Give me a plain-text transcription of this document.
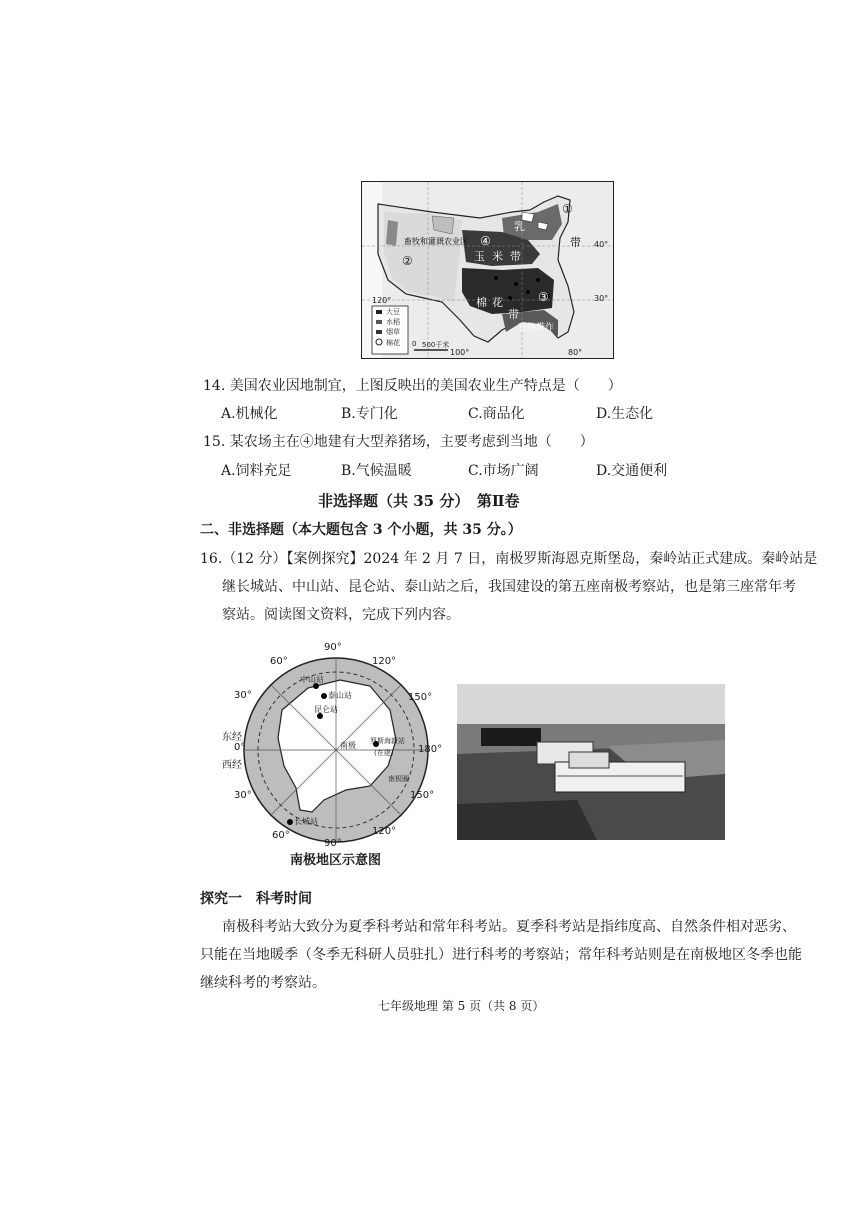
畜牧和灌溉农业区
乳
带
玉 米 带
棉 花
带
亚热带作
①
②
③
④	40°
30°
120°
100°	80°
大豆
水稻
烟草
棉花 0 500千米
14. 美国农业因地制宜，上图反映出的美国农业生产特点是（　　）
A.机械化	B.专门化	C.商品化	D.生态化
15. 某农场主在④地建有大型养猪场，主要考虑到当地（　　）
A.饲料充足	B.气候温暖	C.市场广阔	D.交通便利
非选择题（共 35 分）　第Ⅱ卷
二、非选择题（本大题包含 3 个小题，共 35 分。）
16.（12 分）【案例探究】2024 年 2 月 7 日，南极罗斯海恩克斯堡岛，秦岭站正式建成。秦岭站是
继长城站、中山站、昆仑站、泰山站之后，我国建设的第五座南极考察站，也是第三座常年考
察站。阅读图文资料，完成下列内容。
90°
60°	120°
30°	150°
东经
0°
西经
180°
30°	150°
60°	120°
90°
中山站
泰山站
昆仑站
南极 罗斯海新站
(在建)
长城站
南极圈
南极地区示意图
探究一　科考时间
南极科考站大致分为夏季科考站和常年科考站。夏季科考站是指纬度高、自然条件相对恶劣、
只能在当地暖季（冬季无科研人员驻扎）进行科考的考察站；常年科考站则是在南极地区冬季也能
继续科考的考察站。
七年级地理 第 5 页（共 8 页）
